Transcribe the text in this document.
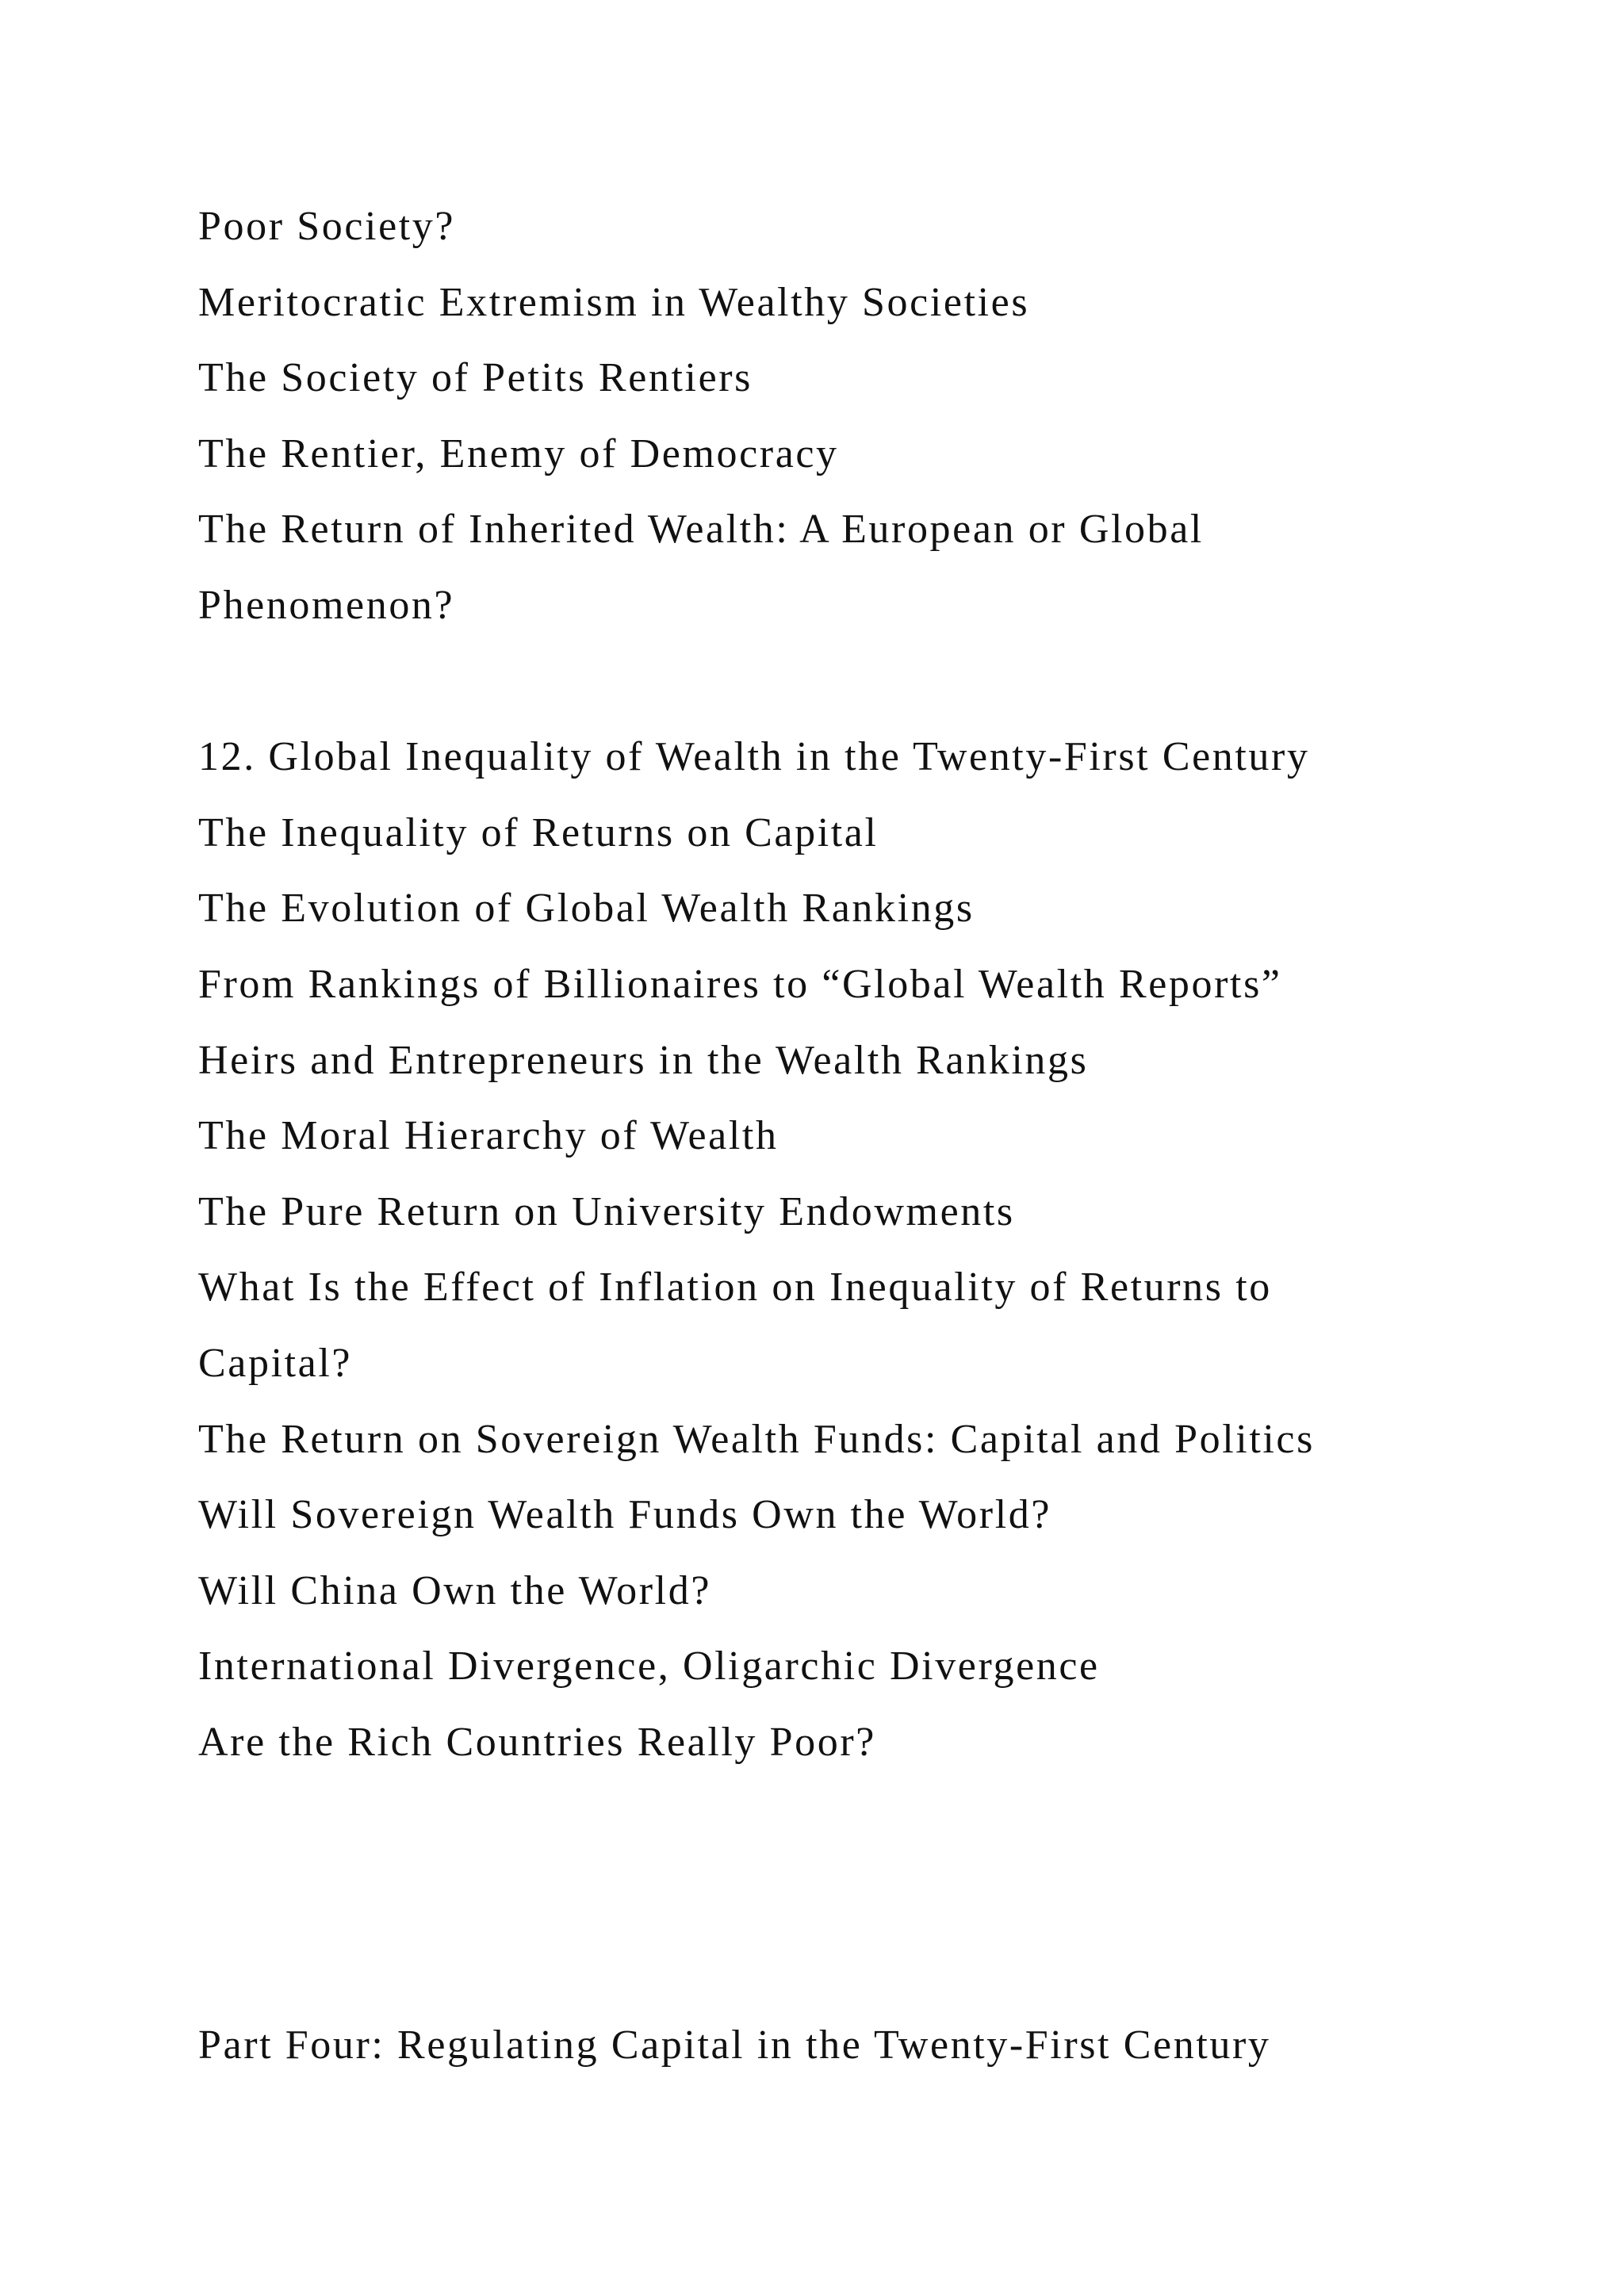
Poor Society?
Meritocratic Extremism in Wealthy Societies
The Society of Petits Rentiers
The Rentier, Enemy of Democracy
The Return of Inherited Wealth: A European or Global
Phenomenon?
12. Global Inequality of Wealth in the Twenty-First Century
The Inequality of Returns on Capital
The Evolution of Global Wealth Rankings
From Rankings of Billionaires to “Global Wealth Reports”
Heirs and Entrepreneurs in the Wealth Rankings
The Moral Hierarchy of Wealth
The Pure Return on University Endowments
What Is the Effect of Inflation on Inequality of Returns to
Capital?
The Return on Sovereign Wealth Funds: Capital and Politics
Will Sovereign Wealth Funds Own the World?
Will China Own the World?
International Divergence, Oligarchic Divergence
Are the Rich Countries Really Poor?
Part Four: Regulating Capital in the Twenty-First Century
